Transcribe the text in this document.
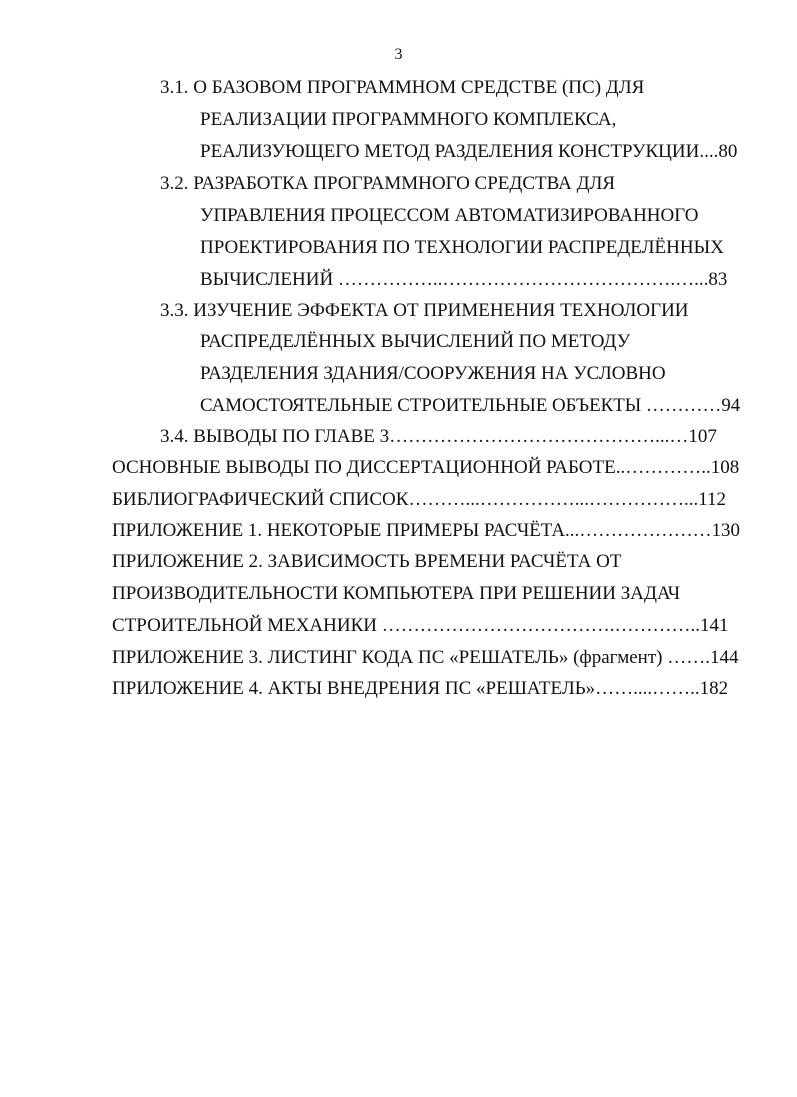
3
3.1. О БАЗОВОМ ПРОГРАММНОМ СРЕДСТВЕ (ПС) ДЛЯ
РЕАЛИЗАЦИИ ПРОГРАММНОГО КОМПЛЕКСА,
РЕАЛИЗУЮЩЕГО МЕТОД РАЗДЕЛЕНИЯ КОНСТРУКЦИИ....80
3.2. РАЗРАБОТКА ПРОГРАММНОГО СРЕДСТВА ДЛЯ
УПРАВЛЕНИЯ ПРОЦЕССОМ АВТОМАТИЗИРОВАННОГО
ПРОЕКТИРОВАНИЯ ПО ТЕХНОЛОГИИ РАСПРЕДЕЛЁННЫХ
ВЫЧИСЛЕНИЙ ……………..……………………………….…...83
3.3. ИЗУЧЕНИЕ ЭФФЕКТА ОТ ПРИМЕНЕНИЯ ТЕХНОЛОГИИ
РАСПРЕДЕЛЁННЫХ ВЫЧИСЛЕНИЙ ПО МЕТОДУ
РАЗДЕЛЕНИЯ ЗДАНИЯ/СООРУЖЕНИЯ НА УСЛОВНО
САМОСТОЯТЕЛЬНЫЕ СТРОИТЕЛЬНЫЕ ОБЪЕКТЫ …………94
3.4. ВЫВОДЫ ПО ГЛАВЕ 3……………………………………...…107
ОСНОВНЫЕ ВЫВОДЫ ПО ДИССЕРТАЦИОННОЙ РАБОТЕ..…………..108
БИБЛИОГРАФИЧЕСКИЙ СПИСОК………...……………...……………...112
ПРИЛОЖЕНИЕ 1. НЕКОТОРЫЕ ПРИМЕРЫ РАСЧЁТА...…………………130
ПРИЛОЖЕНИЕ 2. ЗАВИСИМОСТЬ ВРЕМЕНИ РАСЧЁТА ОТ
ПРОИЗВОДИТЕЛЬНОСТИ КОМПЬЮТЕРА ПРИ РЕШЕНИИ ЗАДАЧ
СТРОИТЕЛЬНОЙ МЕХАНИКИ ……………………………….…………..141
ПРИЛОЖЕНИЕ 3. ЛИСТИНГ КОДА ПС «РЕШАТЕЛЬ» (фрагмент) …….144
ПРИЛОЖЕНИЕ 4. АКТЫ ВНЕДРЕНИЯ ПС «РЕШАТЕЛЬ»……....……..182
